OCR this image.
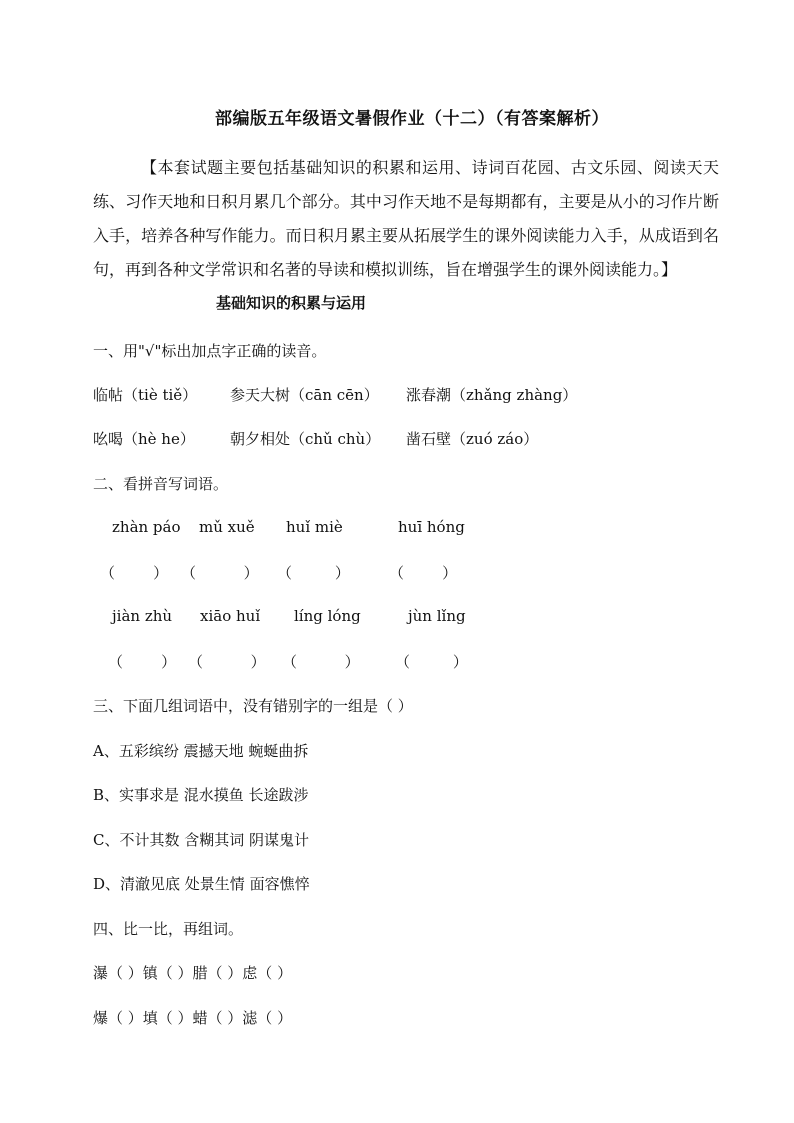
部编版五年级语文暑假作业（十二）（有答案解析）
【本套试题主要包括基础知识的积累和运用、诗词百花园、古文乐园、阅读天天练、习作天地和日积月累几个部分。其中习作天地不是每期都有，主要是从小的习作片断入手，培养各种写作能力。而日积月累主要从拓展学生的课外阅读能力入手，从成语到名句，再到各种文学常识和名著的导读和模拟训练，旨在增强学生的课外阅读能力。】
基础知识的积累与运用
一、用"√"标出加点字正确的读音。
临帖（tiè tiě） 参天大树（cān cēn） 涨春潮（zhǎng zhàng）
吆喝（hè he） 朝夕相处（chǔ chù） 凿石壁（zuó záo）
二、看拼音写词语。
zhàn páo mǔ xuě huǐ miè	huī hóng
（        ） （          ） （         ）	（        ）
jiàn zhù xiāo huǐ líng lóng	jùn lǐng
（        ） （          ） （          ） （         ）
三、下面几组词语中，没有错别字的一组是（ ）
A、五彩缤纷 震撼天地 蜿蜒曲拆
B、实事求是 混水摸鱼 长途跋涉
C、不计其数 含糊其词 阴谋鬼计
D、清澈见底 处景生情 面容憔悴
四、比一比，再组词。
瀑（ ）镇（ ）腊（ ）虑（ ）
爆（ ）填（ ）蜡（ ）滤（ ）
